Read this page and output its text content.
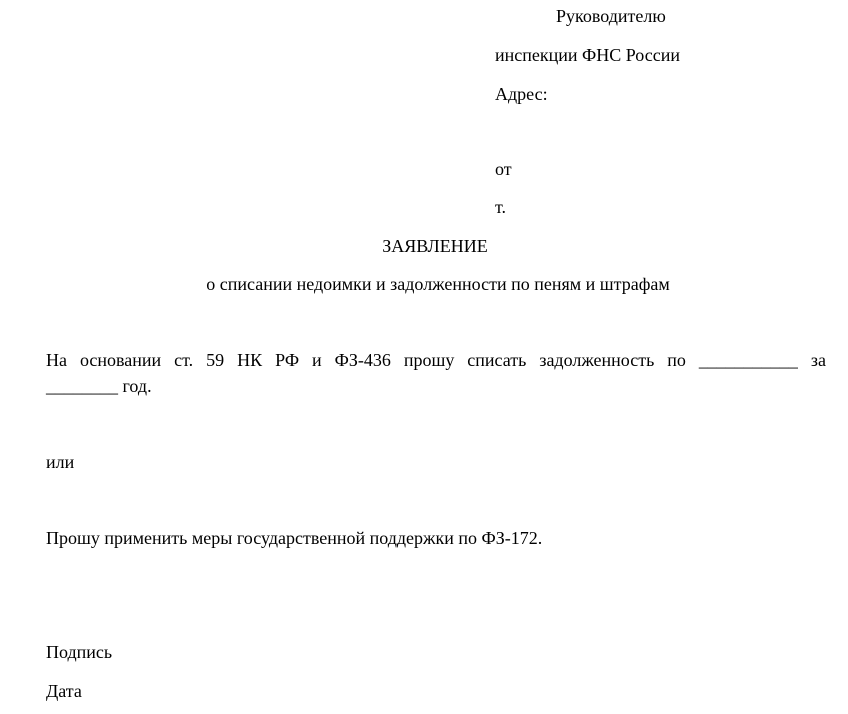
Руководителю
инспекции ФНС России
Адрес:
от
т.
ЗАЯВЛЕНИЕ
о списании недоимки и задолженности по пеням и штрафам
На основании ст. 59 НК РФ и ФЗ-436 прошу списать задолженность по ___________ за
________ год.
или
Прошу применить меры государственной поддержки по ФЗ-172.
Подпись
Дата
